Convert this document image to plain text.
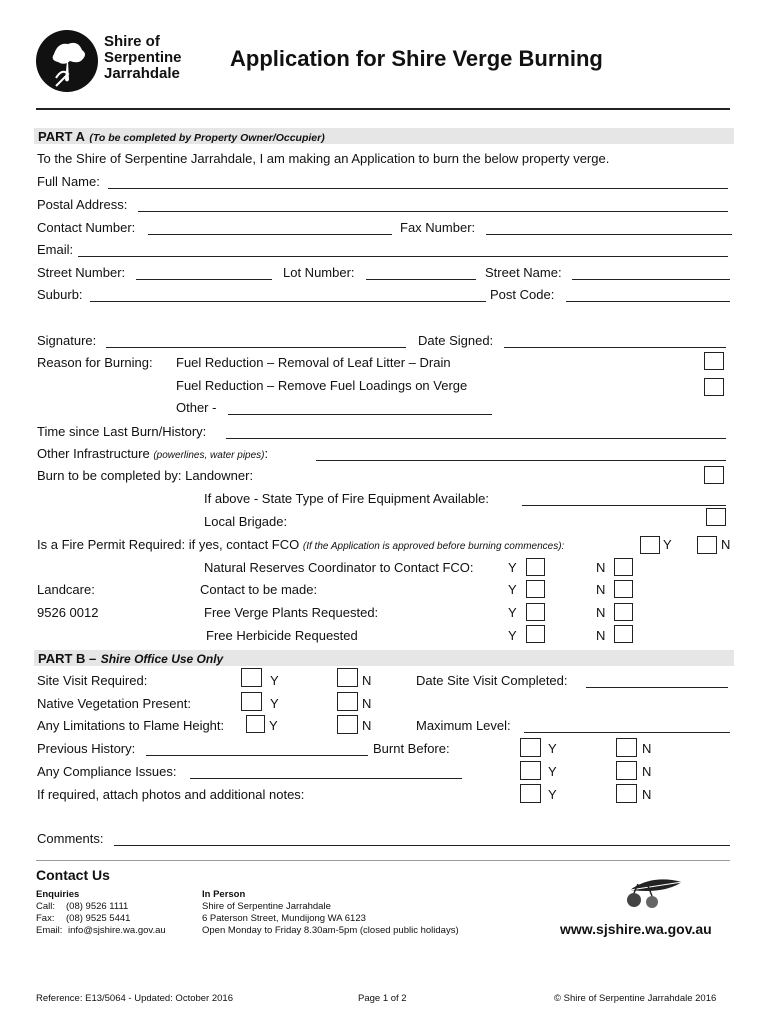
Shire of
Serpentine
Jarrahdale
Application for Shire Verge Burning
PART A (To be completed by Property Owner/Occupier)
To the Shire of Serpentine Jarrahdale, I am making an Application to burn the below property verge.
Full Name:
Postal Address:
Contact Number:	Fax Number:
Email:
Street Number:	Lot Number:	Street Name:
Suburb:	Post Code:
Signature:	Date Signed:
Reason for Burning: Fuel Reduction – Removal of Leaf Litter – Drain
Fuel Reduction – Remove Fuel Loadings on Verge
Other -
Time since Last Burn/History:
Other Infrastructure (powerlines, water pipes):
Burn to be completed by: Landowner:
If above - State Type of Fire Equipment Available:
Local Brigade:
Is a Fire Permit Required: if yes, contact FCO (If the Application is approved before burning commences):	Y	N
Natural Reserves Coordinator to Contact FCO:	Y	N
Landcare:	Contact to be made:	Y	N
9526 0012	Free Verge Plants Requested:	Y	N
Free Herbicide Requested	Y	N
PART B – Shire Office Use Only
Site Visit Required:	Y	N	Date Site Visit Completed:
Native Vegetation Present:	Y	N
Any Limitations to Flame Height:	Y	N	Maximum Level:
Previous History:	Burnt Before:	Y	N
Any Compliance Issues:	Y	N
If required, attach photos and additional notes:	Y	N
Comments:
Contact Us
Enquiries
Call: (08) 9526 1111
Fax: (08) 9525 5441
Email: info@sjshire.wa.gov.au
In Person
Shire of Serpentine Jarrahdale
6 Paterson Street, Mundijong WA 6123
Open Monday to Friday 8.30am-5pm (closed public holidays)	www.sjshire.wa.gov.au
Reference: E13/5064 - Updated: October 2016	Page 1 of 2	© Shire of Serpentine Jarrahdale 2016
